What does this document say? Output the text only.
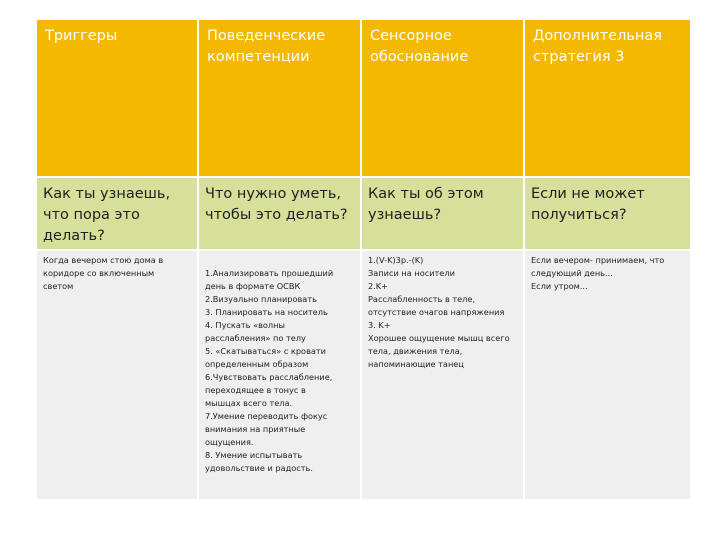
Триггеры	Поведенческие компетенции
Сенсорное обоснование
Дополнительная стратегия 3
Как ты узнаешь, что пора это делать?
Что нужно уметь, чтобы это делать?
Как ты об этом узнаешь?
Если не может получиться?
Когда вечером стою дома в
коридоре со включенным
светом
1.Анализировать прошедший
день в формате ОСВК
2.Визуально планировать
3. Планировать на носитель
4. Пускать «волны
расслабления» по телу
5. «Скатываться» с кровати
определенным образом
6.Чувствовать расслабление,
переходящее в тонус в
мышцах всего тела.
7.Умение переводить фокус
внимания на приятные
ощущения.
8. Умение испытывать
удовольствие и радость.
1.(V-K)3р.-(K)
Записи на носители
2.K+
Расслабленность в теле,
отсутствие очагов напряжения
3. K+
Хорошее ощущение мышц всего
тела, движения тела,
напоминающие танец
Если вечером- принимаем, что
следующий день...
Если утром...
